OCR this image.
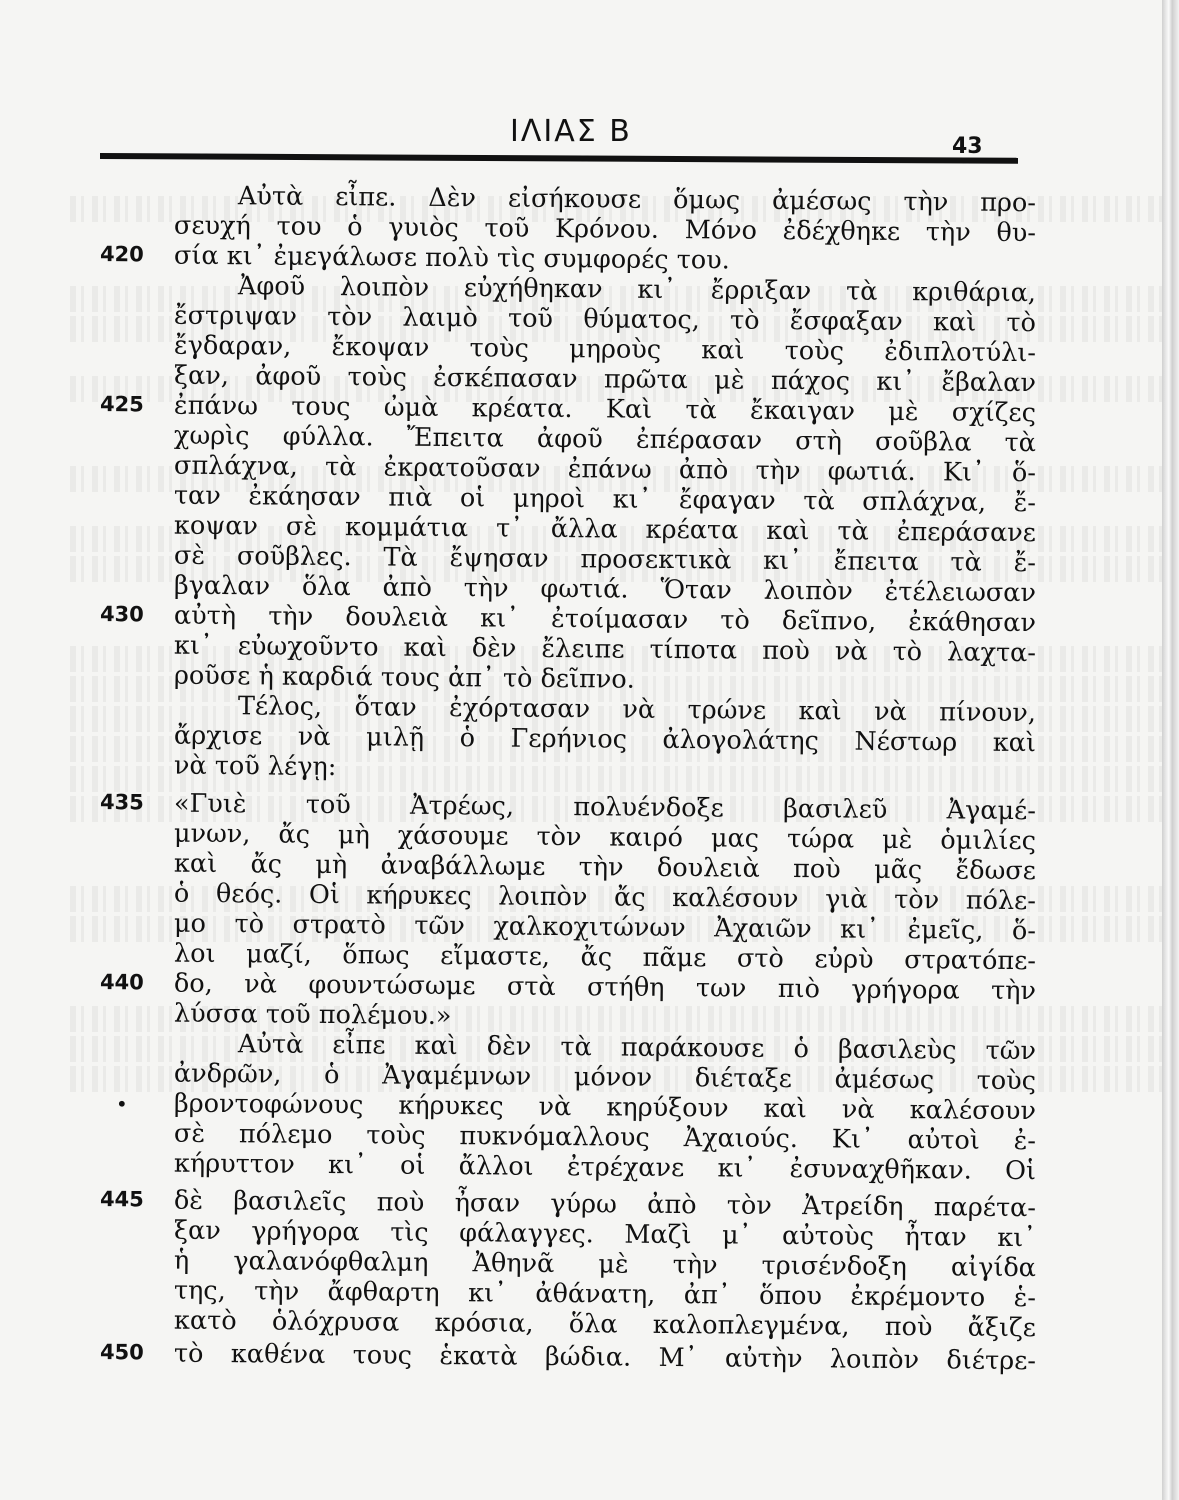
ΙΛΙΑΣ Β	43
Αὐτὰ εἶπε. Δὲν εἰσήκουσε ὅμως ἀμέσως τὴν προ-
σευχή του ὁ γυιὸς τοῦ Κρόνου. Μόνο ἐδέχθηκε τὴν θυ-
420 σία κι᾽ ἐμεγάλωσε πολὺ τὶς συμφορές του.
Ἀφοῦ λοιπὸν εὐχήθηκαν κι᾽ ἔρριξαν τὰ κριθάρια,
ἔστριψαν τὸν λαιμὸ τοῦ θύματος, τὸ ἔσφαξαν καὶ τὸ
ἔγδαραν, ἔκοψαν τοὺς μηροὺς καὶ τοὺς ἐδιπλοτύλι-
ξαν, ἀφοῦ τοὺς ἐσκέπασαν πρῶτα μὲ πάχος κι᾽ ἔβαλαν
425 ἐπάνω τους ὠμὰ κρέατα. Καὶ τὰ ἔκαιγαν μὲ σχίζες
χωρὶς φύλλα. Ἔπειτα ἀφοῦ ἐπέρασαν στὴ σοῦβλα τὰ
σπλάχνα, τὰ ἐκρατοῦσαν ἐπάνω ἀπὸ τὴν φωτιά. Κι᾽ ὅ-
ταν ἐκάησαν πιὰ οἱ μηροὶ κι᾽ ἔφαγαν τὰ σπλάχνα, ἔ-
κοψαν σὲ κομμάτια τ᾽ ἄλλα κρέατα καὶ τὰ ἐπεράσανε
σὲ σοῦβλες. Τὰ ἔψησαν προσεκτικὰ κι᾽ ἔπειτα τὰ ἔ-
βγαλαν ὅλα ἀπὸ τὴν φωτιά. Ὅταν λοιπὸν ἐτέλειωσαν
430 αὐτὴ τὴν δουλειὰ κι᾽ ἐτοίμασαν τὸ δεῖπνο, ἐκάθησαν
κι᾽ εὐωχοῦντο καὶ δὲν ἔλειπε τίποτα ποὺ νὰ τὸ λαχτα-
ροῦσε ἡ καρδιά τους ἀπ᾽ τὸ δεῖπνο.
Τέλος, ὅταν ἐχόρτασαν νὰ τρώνε καὶ νὰ πίνουν,
ἄρχισε νὰ μιλῇ ὁ Γερήνιος ἀλογολάτης Νέστωρ καὶ
νὰ τοῦ λέγῃ:
435 «Γυιὲ τοῦ Ἀτρέως, πολυένδοξε βασιλεῦ Ἀγαμέ-
μνων, ἄς μὴ χάσουμε τὸν καιρό μας τώρα μὲ ὁμιλίες
καὶ ἄς μὴ ἀναβάλλωμε τὴν δουλειὰ ποὺ μᾶς ἔδωσε
ὁ θεός. Οἱ κήρυκες λοιπὸν ἄς καλέσουν γιὰ τὸν πόλε-
μο τὸ στρατὸ τῶν χαλκοχιτώνων Ἀχαιῶν κι᾽ ἐμεῖς, ὅ-
λοι μαζί, ὅπως εἴμαστε, ἄς πᾶμε στὸ εὐρὺ στρατόπε-
440 δο, νὰ φουντώσωμε στὰ στήθη των πιὸ γρήγορα τὴν
λύσσα τοῦ πολέμου.»
Αὐτὰ εἶπε καὶ δὲν τὰ παράκουσε ὁ βασιλεὺς τῶν
ἀνδρῶν, ὁ Ἀγαμέμνων μόνον διέταξε ἀμέσως τοὺς
• βροντοφώνους κήρυκες νὰ κηρύξουν καὶ νὰ καλέσουν
σὲ πόλεμο τοὺς πυκνόμαλλους Ἀχαιούς. Κι᾽ αὐτοὶ ἐ-
κήρυττον κι᾽ οἱ ἄλλοι ἐτρέχανε κι᾽ ἐσυναχθῆκαν. Οἱ
445 δὲ βασιλεῖς ποὺ ἦσαν γύρω ἀπὸ τὸν Ἀτρείδη παρέτα-
ξαν γρήγορα τὶς φάλαγγες. Μαζὶ μ᾽ αὐτοὺς ἦταν κι᾽
ἡ γαλανόφθαλμη Ἀθηνᾶ μὲ τὴν τρισένδοξη αἰγίδα
της, τὴν ἄφθαρτη κι᾽ ἀθάνατη, ἀπ᾽ ὅπου ἐκρέμοντο ἑ-
κατὸ ὁλόχρυσα κρόσια, ὅλα καλοπλεγμένα, ποὺ ἄξιζε
450 τὸ καθένα τους ἑκατὰ βώδια. Μ᾽ αὐτὴν λοιπὸν διέτρε-
